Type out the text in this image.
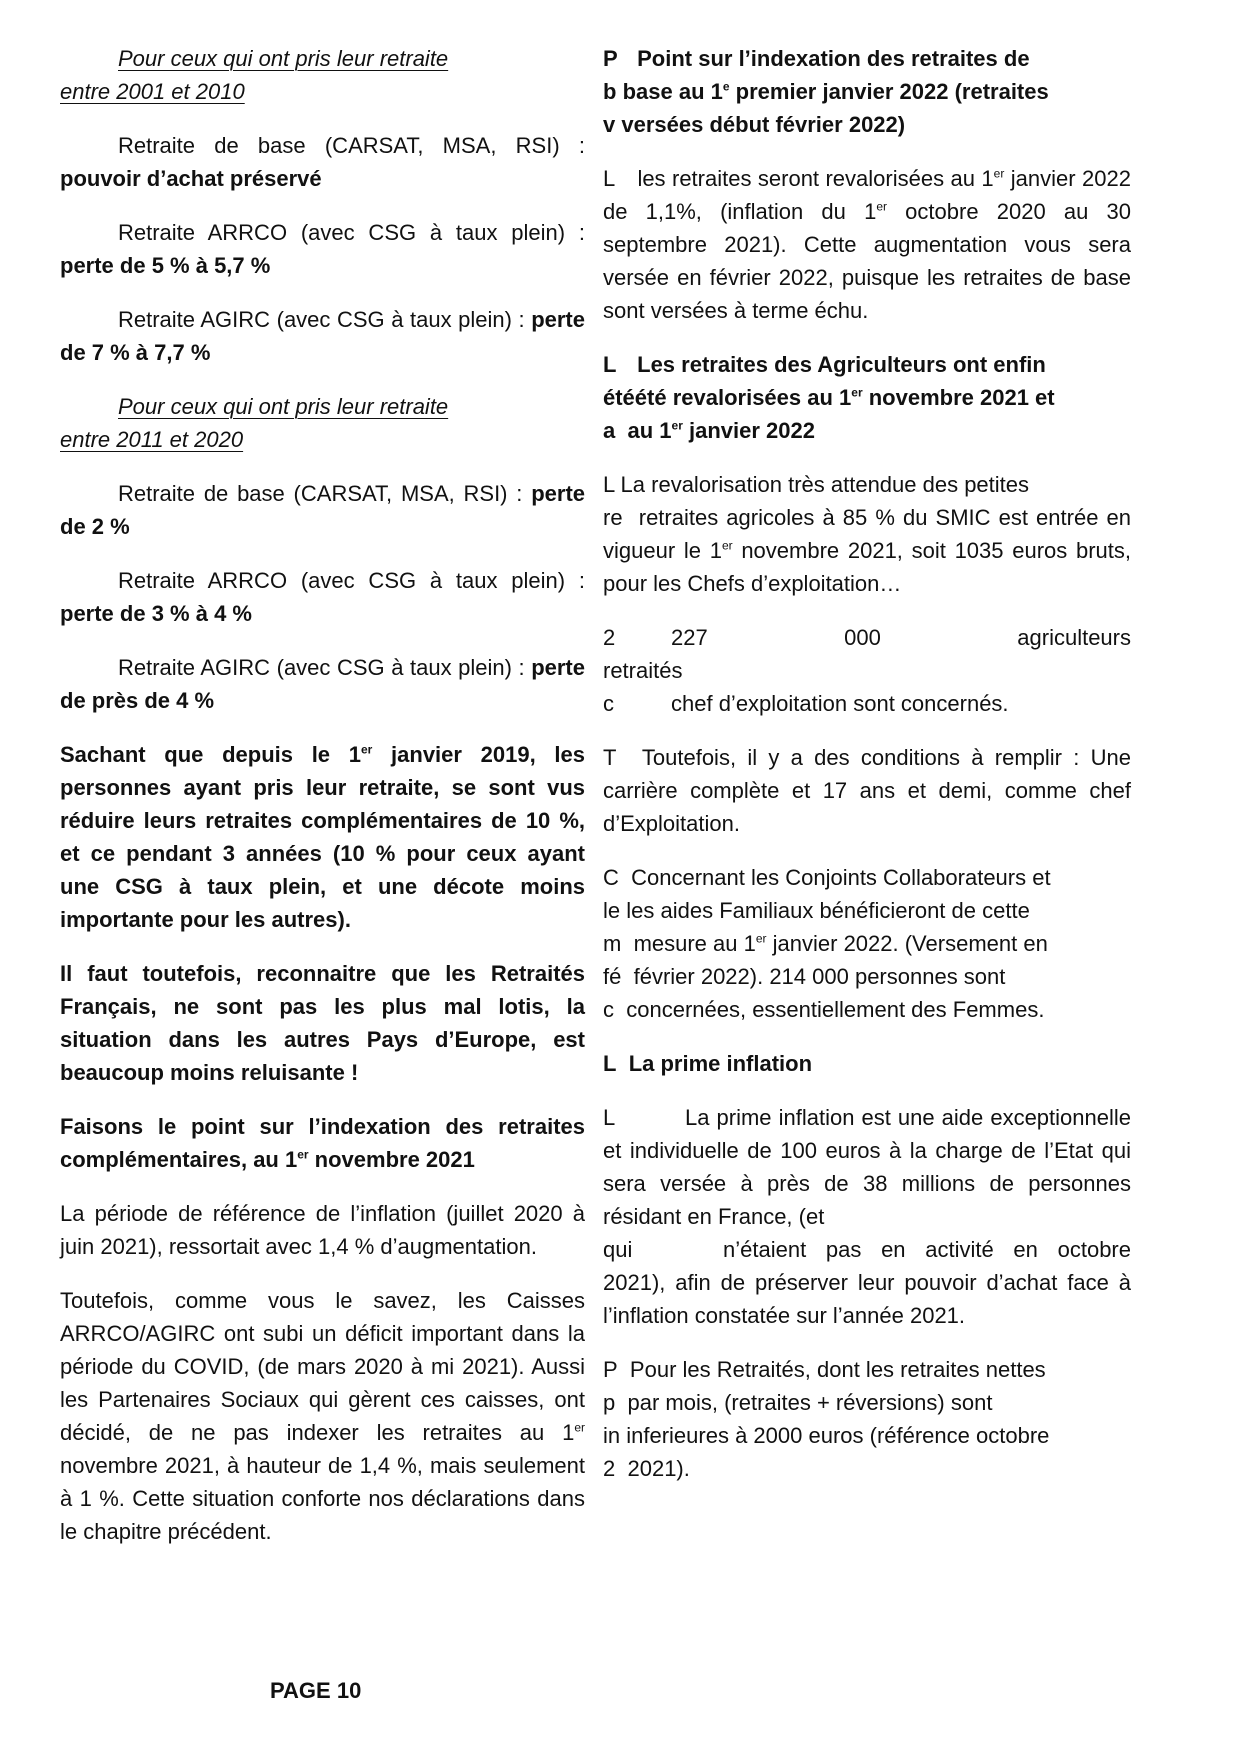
Pour ceux qui ont pris leur retraite
entre 2001 et 2010

Retraite de base (CARSAT, MSA, RSI) : pouvoir d’achat préservé

Retraite ARRCO (avec CSG à taux plein) : perte de 5 % à 5,7 %

Retraite AGIRC (avec CSG à taux plein) : perte de 7 % à 7,7 %

Pour ceux qui ont pris leur retraite
entre 2011 et 2020

Retraite de base (CARSAT, MSA, RSI) : perte de 2 %

Retraite ARRCO (avec CSG à taux plein) : perte de 3 % à 4 %

Retraite AGIRC (avec CSG à taux plein) : perte de près de 4 %

Sachant que depuis le 1er janvier 2019, les personnes ayant pris leur retraite, se sont vus réduire leurs retraites complémentaires de 10 %, et ce pendant 3 années (10 % pour ceux ayant une CSG à taux plein, et une décote moins importante pour les autres).

Il faut toutefois, reconnaitre que les Retraités Français, ne sont pas les plus mal lotis, la situation dans les autres Pays d’Europe, est beaucoup moins reluisante !

Faisons le point sur l’indexation des retraites complémentaires, au 1er novembre 2021

La période de référence de l’inflation (juillet 2020 à juin 2021), ressortait avec 1,4 % d’augmentation.

Toutefois, comme vous le savez, les Caisses ARRCO/AGIRC ont subi un déficit important dans la période du COVID, (de mars 2020 à mi 2021). Aussi les Partenaires Sociaux qui gèrent ces caisses, ont décidé, de ne pas indexer les retraites au 1er novembre 2021, à hauteur de 1,4 %, mais seulement à 1 %. Cette situation conforte nos déclarations dans le chapitre précédent.

P Point sur l’indexation des retraites de
b base au 1e premier janvier 2022 (retraites
v versées début février 2022)

L les retraites seront revalorisées au 1er janvier 2022 de 1,1%, (inflation du 1er octobre 2020 au 30 septembre 2021). Cette augmentation vous sera versée en février 2022, puisque les retraites de base sont versées à terme échu.

L Les retraites des Agriculteurs ont enfin
étéété revalorisées au 1er novembre 2021 et
a au 1er janvier 2022

L La revalorisation très attendue des petites
re retraites agricoles à 85 % du SMIC est entrée en vigueur le 1er novembre 2021, soit 1035 euros bruts, pour les Chefs d’exploitation…

2	227 000 agriculteurs retraités
c	chef d’exploitation sont concernés.

T Toutefois, il y a des conditions à remplir : Une carrière complète et 17 ans et demi, comme chef d’Exploitation.

C Concernant les Conjoints Collaborateurs et
le les aides Familiaux bénéficieront de cette
m mesure au 1er janvier 2022. (Versement en
fé février 2022). 214 000 personnes sont
c concernées, essentiellement des Femmes.

L La prime inflation

L	La prime inflation est une aide exceptionnelle et individuelle de 100 euros à la charge de l’Etat qui sera versée à près de 38 millions de personnes résidant en France, (et
qui	n’étaient pas en activité en octobre 2021), afin de préserver leur pouvoir d’achat face à l’inflation constatée sur l’année 2021.

P Pour les Retraités, dont les retraites nettes
p par mois, (retraites + réversions) sont
in inferieures à 2000 euros (référence octobre
2 2021).

PAGE 10
